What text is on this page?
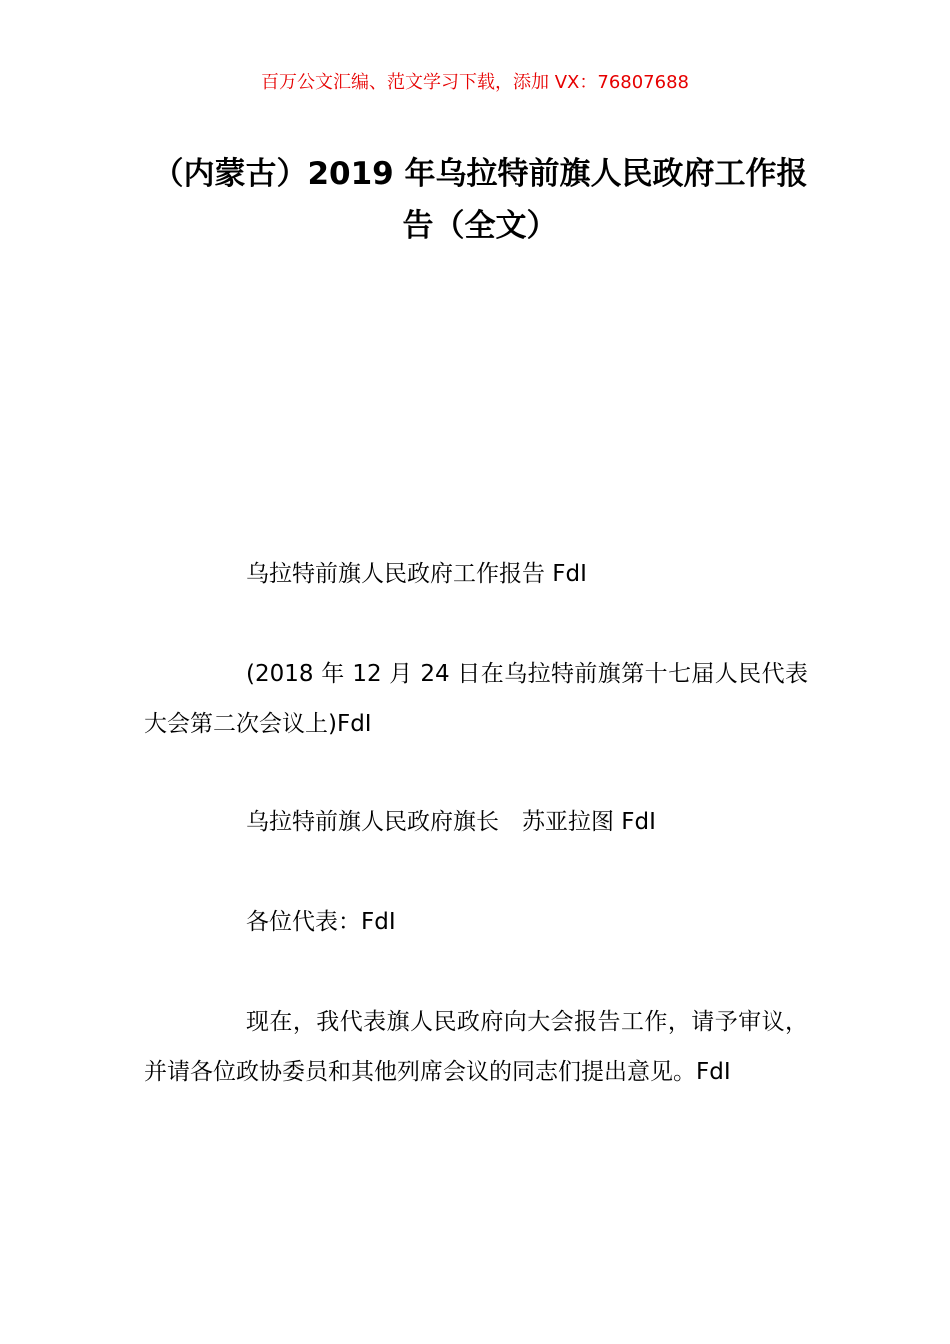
百万公文汇编、范文学习下载，添加 VX：76807688
（内蒙古）2019 年乌拉特前旗人民政府工作报告（全文）
乌拉特前旗人民政府工作报告 FdI
(2018 年 12 月 24 日在乌拉特前旗第十七届人民代表大会第二次会议上)FdI
乌拉特前旗人民政府旗长　苏亚拉图 FdI
各位代表：FdI
现在，我代表旗人民政府向大会报告工作，请予审议，并请各位政协委员和其他列席会议的同志们提出意见。FdI
